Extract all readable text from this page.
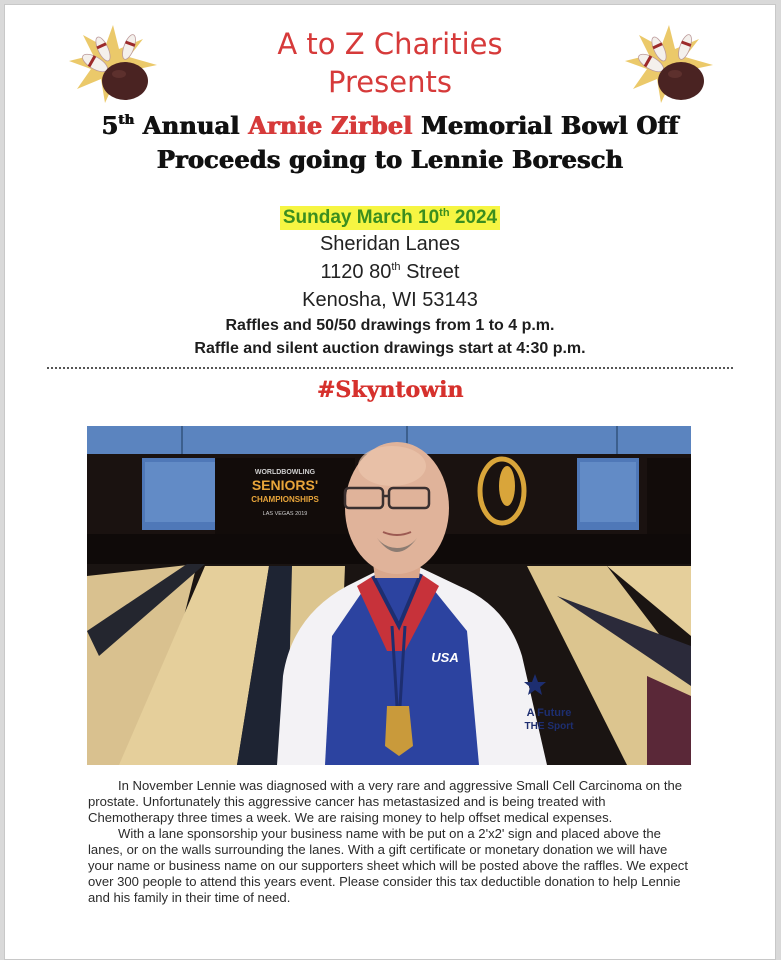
A to Z Charities
Presents
5th Annual Arnie Zirbel Memorial Bowl Off
Proceeds going to Lennie Boresch
Sunday March 10th 2024
Sheridan Lanes
1120 80th Street
Kenosha, WI 53143
Raffles and 50/50 drawings from 1 to 4 p.m.
Raffle and silent auction drawings start at 4:30 p.m.
#Skyntowin
WORLDBOWLING
SENIORS'
CHAMPIONSHIPS
LAS VEGAS 2019
USA
A Future
THE Sport
In November Lennie was diagnosed with a very rare and aggressive Small Cell Carcinoma on the
prostate. Unfortunately this aggressive cancer has metastasized and is being treated with
Chemotherapy three times a week. We are raising money to help offset medical expenses.
With a lane sponsorship your business name with be put on a 2'x2' sign and placed above the
lanes, or on the walls surrounding the lanes. With a gift certificate or monetary donation we will have
your name or business name on our supporters sheet which will be posted above the raffles. We expect
over 300 people to attend this years event. Please consider this tax deductible donation to help Lennie
and his family in their time of need.
